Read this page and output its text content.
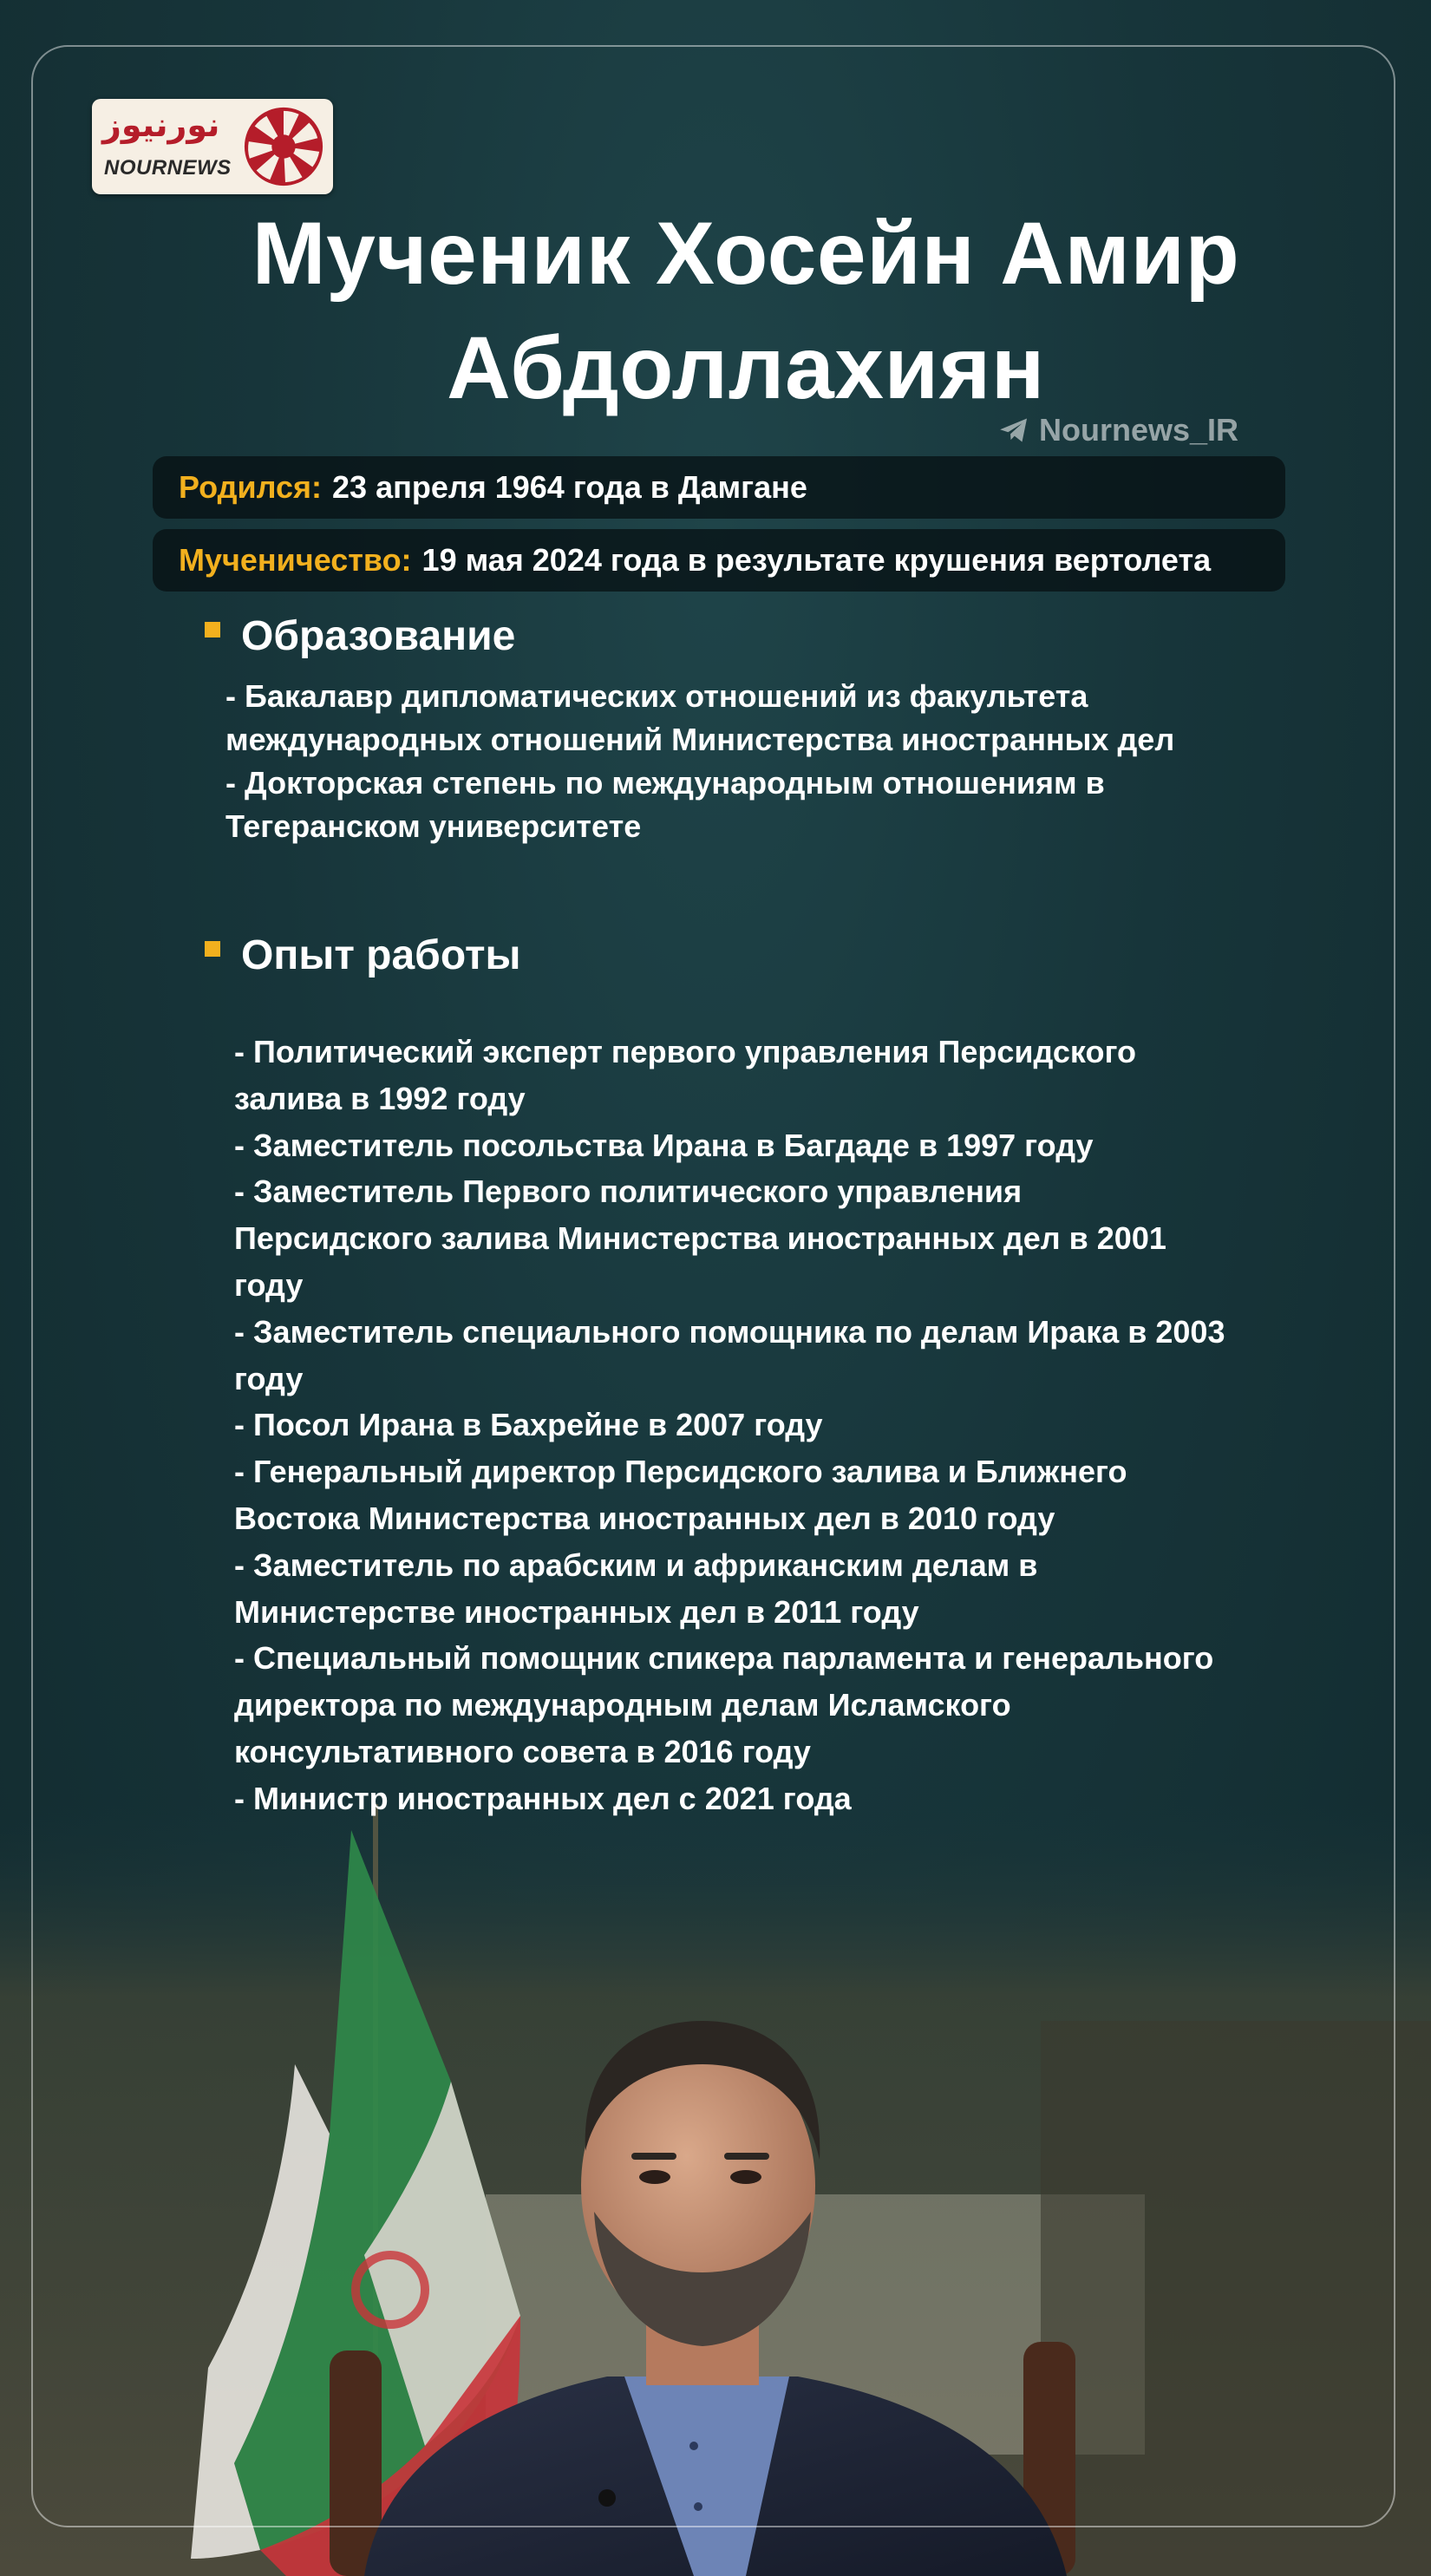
نورنیوز
NOURNEWS
Мученик Хосейн Амир
Абдоллахиян
Nournews_IR
Родился: 23 апреля 1964 года в Дамгане
Мученичество: 19 мая 2024 года в результате крушения вертолета
Образование
- Бакалавр дипломатических отношений из факультета
международных отношений Министерства иностранных дел
- Докторская степень по международным отношениям в
Тегеранском университете
Опыт работы
- Политический эксперт первого управления Персидского
залива в 1992 году
- Заместитель посольства Ирана в Багдаде в 1997 году
- Заместитель Первого политического управления
Персидского залива Министерства иностранных дел в 2001
году
- Заместитель специального помощника по делам Ирака в 2003
году
- Посол Ирана в Бахрейне в 2007 году
- Генеральный директор Персидского залива и Ближнего
Востока Министерства иностранных дел в 2010 году
- Заместитель по арабским и африканским делам в
Министерстве иностранных дел в 2011 году
- Специальный помощник спикера парламента и генерального
директора по международным делам Исламского
консультативного совета в 2016 году
- Министр иностранных дел с 2021 года
